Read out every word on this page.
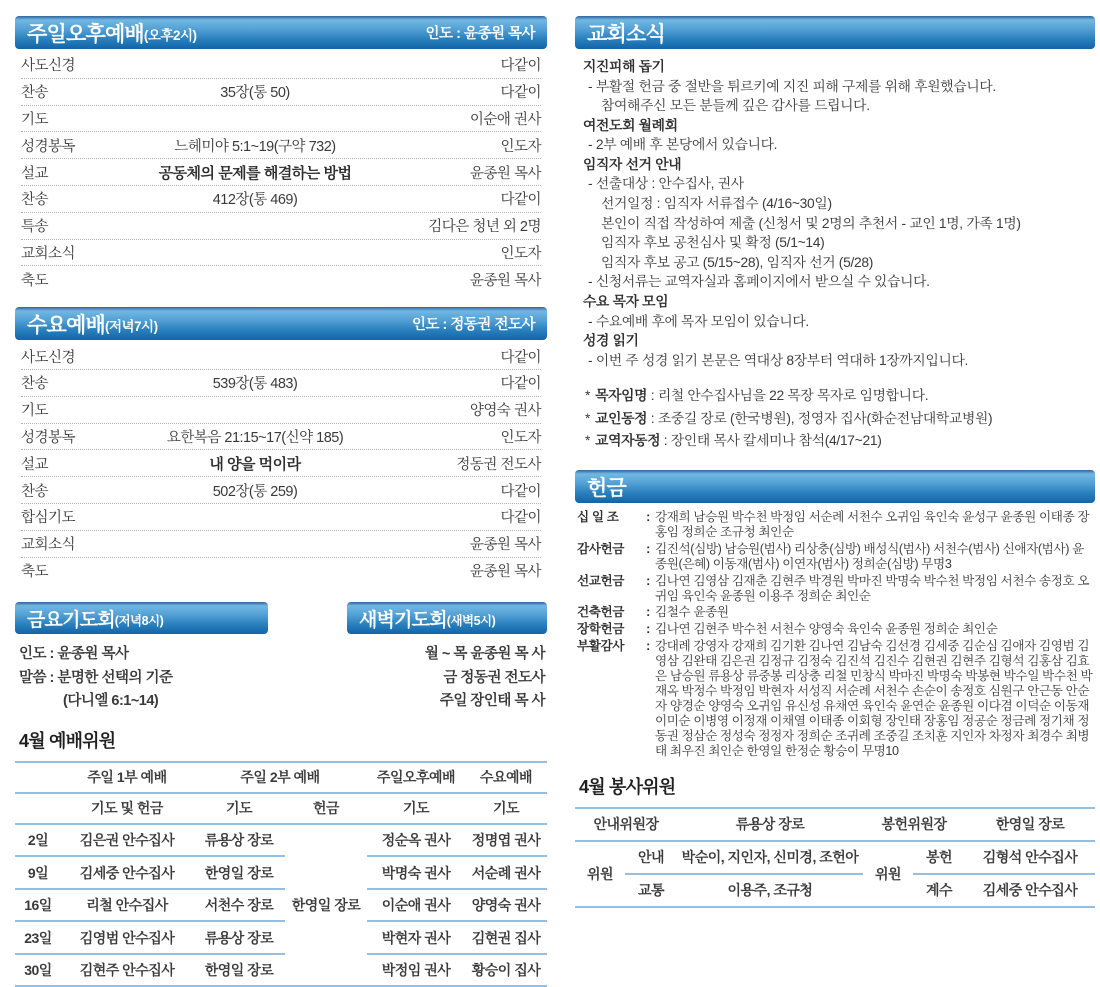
주일오후예배 (오후2시)	인도 : 윤종원 목사
사도신경	다같이
찬송	35장(통 50)	다같이
기도	이순애 권사
성경봉독	느헤미야 5:1~19(구약 732)	인도자
설교	공동체의 문제를 해결하는 방법	윤종원 목사
찬송	412장(통 469)	다같이
특송	김다은 청년 외 2명
교회소식	인도자
축도	윤종원 목사
수요예배 (저녁7시)	인도 : 정동권 전도사
사도신경	다같이
찬송	539장(통 483)	다같이
기도	양영숙 권사
성경봉독	요한복음 21:15~17(신약 185)	인도자
설교	내 양을 먹이라	정동권 전도사
찬송	502장(통 259)	다같이
합심기도	다같이
교회소식	윤종원 목사
축도	윤종원 목사
금요기도회 (저녁8시)
인도 : 윤종원 목사
말씀 : 분명한 선택의 기준
(다니엘 6:1~14)
새벽기도회 (새벽5시)
월 ~ 목 윤종원 목 사
금 정동권 전도사
주일 장인태 목 사
4월 예배위원
	주일 1부 예배	주일 2부 예배		주일오후예배	수요예배
	기도 및 헌금	기도	헌금	기도	기도
2일	김은권 안수집사	류용상 장로	한영일 장로	정순옥 권사	정명엽 권사
9일	김세중 안수집사	한영일 장로		박명숙 권사	서순례 권사
16일	리철 안수집사	서천수 장로		이순애 권사	양영숙 권사
23일	김영범 안수집사	류용상 장로		박현자 권사	김현권 집사
30일	김현주 안수집사	한영일 장로		박정임 권사	황승이 집사
교회소식
지진피해 돕기
- 부활절 헌금 중 절반을 튀르키예 지진 피해 구제를 위해 후원했습니다.
참여해주신 모든 분들께 깊은 감사를 드립니다.
여전도회 월례회
- 2부 예배 후 본당에서 있습니다.
임직자 선거 안내
- 선출대상 : 안수집사, 권사
선거일정 : 임직자 서류접수 (4/16~30일)
본인이 직접 작성하여 제출 (신청서 및 2명의 추천서 - 교인 1명, 가족 1명)
임직자 후보 공천심사 및 확정 (5/1~14)
임직자 후보 공고 (5/15~28), 임직자 선거 (5/28)
- 신청서류는 교역자실과 홈페이지에서 받으실 수 있습니다.
수요 목자 모임
- 수요예배 후에 목자 모임이 있습니다.
성경 읽기
- 이번 주 성경 읽기 본문은 역대상 8장부터 역대하 1장까지입니다.
* 목자임명 : 리철 안수집사님을 22 목장 목자로 임명합니다.
* 교인동정 : 조중길 장로 (한국병원), 정영자 집사(화순전남대학교병원)
* 교역자동정 : 장인태 목사 칼세미나 참석(4/17~21)
헌금
십 일 조	: 강재희 남승원 박수천 박정임 서순례 서천수 오귀임 육인숙 윤성구 윤종원 이태종 장홍임 정희순 조규청 최인순
감사헌금	: 김진석(심방) 남승원(범사) 리상충(심방) 배성식(범사) 서천수(범사) 신애자(범사) 윤종원(은혜) 이동재(범사) 이연자(범사) 정희순(심방) 무명3
선교헌금	: 김나연 김영삼 김재춘 김현주 박경원 박마진 박명숙 박수천 박정임 서천수 송정호 오귀임 육인숙 윤종원 이용주 정희순 최인순
건축헌금	: 김철수 윤종원
장학헌금	: 김나연 김현주 박수천 서천수 양영숙 육인숙 윤종원 정희순 최인순
부활감사	: 강대례 강영자 강재희 김기환 김나연 김남숙 김선경 김세중 김순심 김애자 김영범 김영삼 김완태 김은권 김정규 김정숙 김진석 김진수 김현권 김현주 김형석 김홍삼 김효은 남승원 류용상 류중봉 리상충 리철 민창식 박마진 박명숙 박봉현 박수일 박수천 박재옥 박정수 박정임 박현자 서성직 서순례 서천수 손순이 송정호 심원구 안근동 안순자 양경순 양영숙 오귀임 유신성 유채연 육인숙 윤연순 윤종원 이다겸 이덕순 이동재 이미순 이병영 이정재 이채열 이태종 이회형 장인태 장홍임 정공순 정금례 정기채 정동권 정삼순 정성숙 정정자 정희순 조귀례 조중길 조치훈 지인자 차정자 최경수 최병태 최우진 최인순 한영일 한정순 황승이 무명10
4월 봉사위원
안내위원장		류용상 장로	봉헌위원장		한영일 장로
위원	안내	박순이, 지인자, 신미경, 조헌아	위원	봉헌	김형석 안수집사
	교통	이용주, 조규청		계수	김세중 안수집사
